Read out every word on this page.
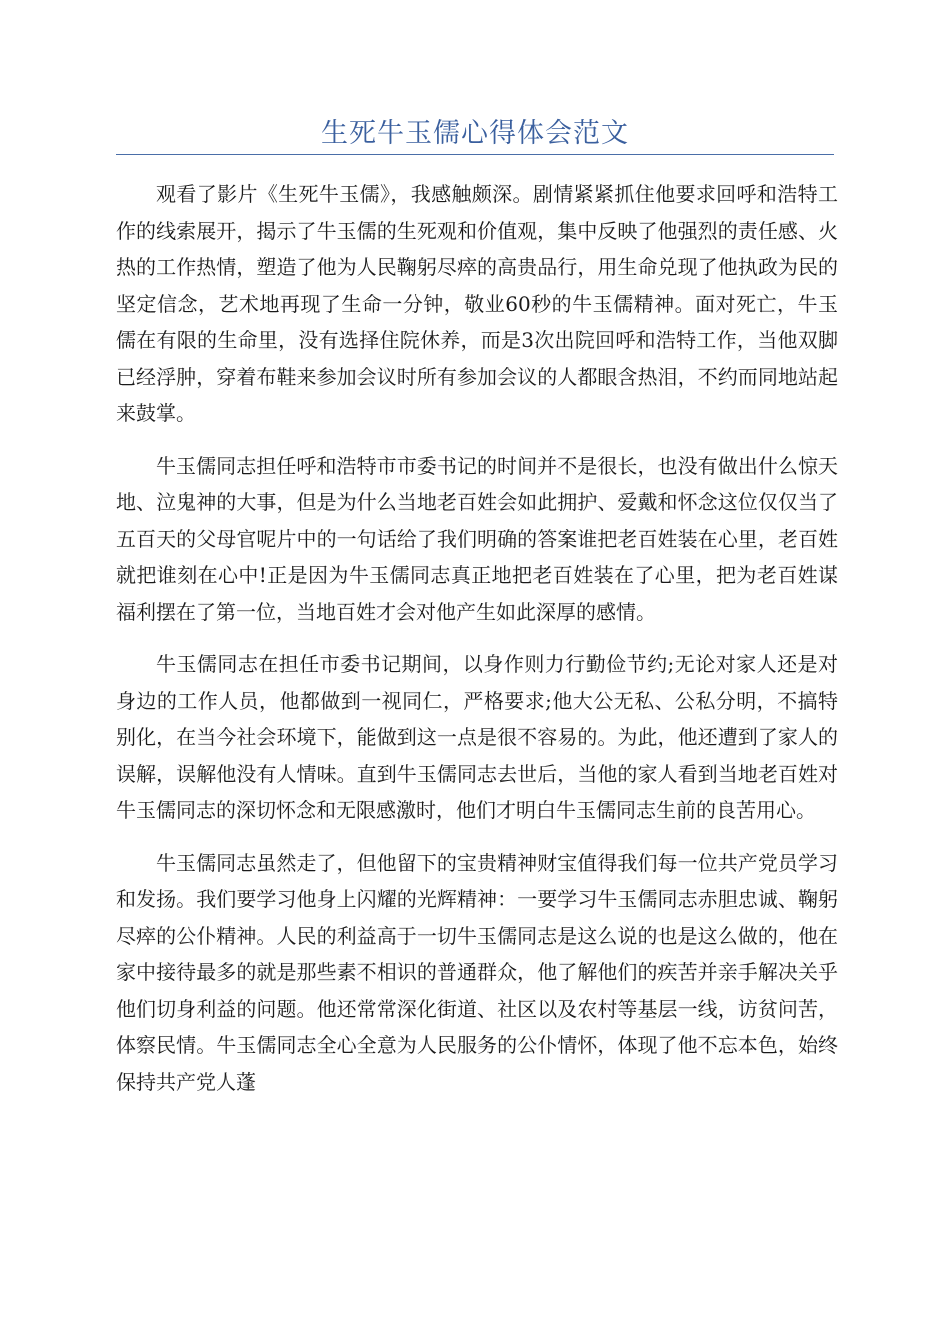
生死牛玉儒心得体会范文

观看了影片《生死牛玉儒》，我感触颇深。剧情紧紧抓住他要求回呼和浩特工作的线索展开，揭示了牛玉儒的生死观和价值观，集中反映了他强烈的责任感、火热的工作热情，塑造了他为人民鞠躬尽瘁的高贵品行，用生命兑现了他执政为民的坚定信念，艺术地再现了生命一分钟，敬业60秒的牛玉儒精神。面对死亡，牛玉儒在有限的生命里，没有选择住院休养，而是3次出院回呼和浩特工作，当他双脚已经浮肿，穿着布鞋来参加会议时所有参加会议的人都眼含热泪，不约而同地站起来鼓掌。

牛玉儒同志担任呼和浩特市市委书记的时间并不是很长，也没有做出什么惊天地、泣鬼神的大事，但是为什么当地老百姓会如此拥护、爱戴和怀念这位仅仅当了五百天的父母官呢片中的一句话给了我们明确的答案谁把老百姓装在心里，老百姓就把谁刻在心中!正是因为牛玉儒同志真正地把老百姓装在了心里，把为老百姓谋福利摆在了第一位，当地百姓才会对他产生如此深厚的感情。

牛玉儒同志在担任市委书记期间，以身作则力行勤俭节约;无论对家人还是对身边的工作人员，他都做到一视同仁，严格要求;他大公无私、公私分明，不搞特别化，在当今社会环境下，能做到这一点是很不容易的。为此，他还遭到了家人的误解，误解他没有人情味。直到牛玉儒同志去世后，当他的家人看到当地老百姓对牛玉儒同志的深切怀念和无限感激时，他们才明白牛玉儒同志生前的良苦用心。

牛玉儒同志虽然走了，但他留下的宝贵精神财宝值得我们每一位共产党员学习和发扬。我们要学习他身上闪耀的光辉精神：一要学习牛玉儒同志赤胆忠诚、鞠躬尽瘁的公仆精神。人民的利益高于一切牛玉儒同志是这么说的也是这么做的，他在家中接待最多的就是那些素不相识的普通群众，他了解他们的疾苦并亲手解决关乎他们切身利益的问题。他还常常深化街道、社区以及农村等基层一线，访贫问苦，体察民情。牛玉儒同志全心全意为人民服务的公仆情怀，体现了他不忘本色，始终保持共产党人蓬
